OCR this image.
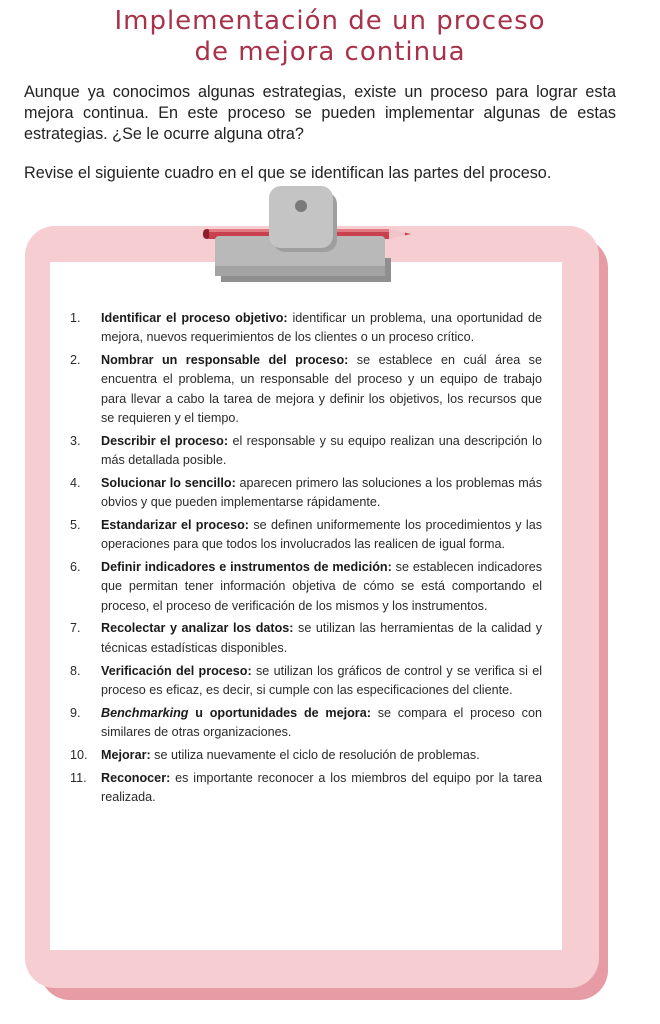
Implementación de un proceso
de mejora continua

Aunque ya conocimos algunas estrategias, existe un proceso para lograr esta mejora continua. En este proceso se pueden implementar algunas de estas estrategias. ¿Se le ocurre alguna otra?

Revise el siguiente cuadro en el que se identifican las partes del proceso.

1.	Identificar el proceso objetivo: identificar un problema, una oportunidad de mejora, nuevos requerimientos de los clientes o un proceso crítico.
2.	Nombrar un responsable del proceso: se establece en cuál área se encuentra el problema, un responsable del proceso y un equipo de trabajo para llevar a cabo la tarea de mejora y definir los objetivos, los recursos que se requieren y el tiempo.
3.	Describir el proceso: el responsable y su equipo realizan una descripción lo más detallada posible.
4.	Solucionar lo sencillo: aparecen primero las soluciones a los problemas más obvios y que pueden implementarse rápidamente.
5.	Estandarizar el proceso: se definen uniformemente los procedimientos y las operaciones para que todos los involucrados las realicen de igual forma.
6.	Definir indicadores e instrumentos de medición: se establecen indicadores que permitan tener información objetiva de cómo se está comportando el proceso, el proceso de verificación de los mismos y los instrumentos.
7.	Recolectar y analizar los datos: se utilizan las herramientas de la calidad y técnicas estadísticas disponibles.
8.	Verificación del proceso: se utilizan los gráficos de control y se verifica si el proceso es eficaz, es decir, si cumple con las especificaciones del cliente.
9.	Benchmarking u oportunidades de mejora: se compara el proceso con similares de otras organizaciones.
10.	Mejorar: se utiliza nuevamente el ciclo de resolución de problemas.
11.	Reconocer: es importante reconocer a los miembros del equipo por la tarea realizada.
